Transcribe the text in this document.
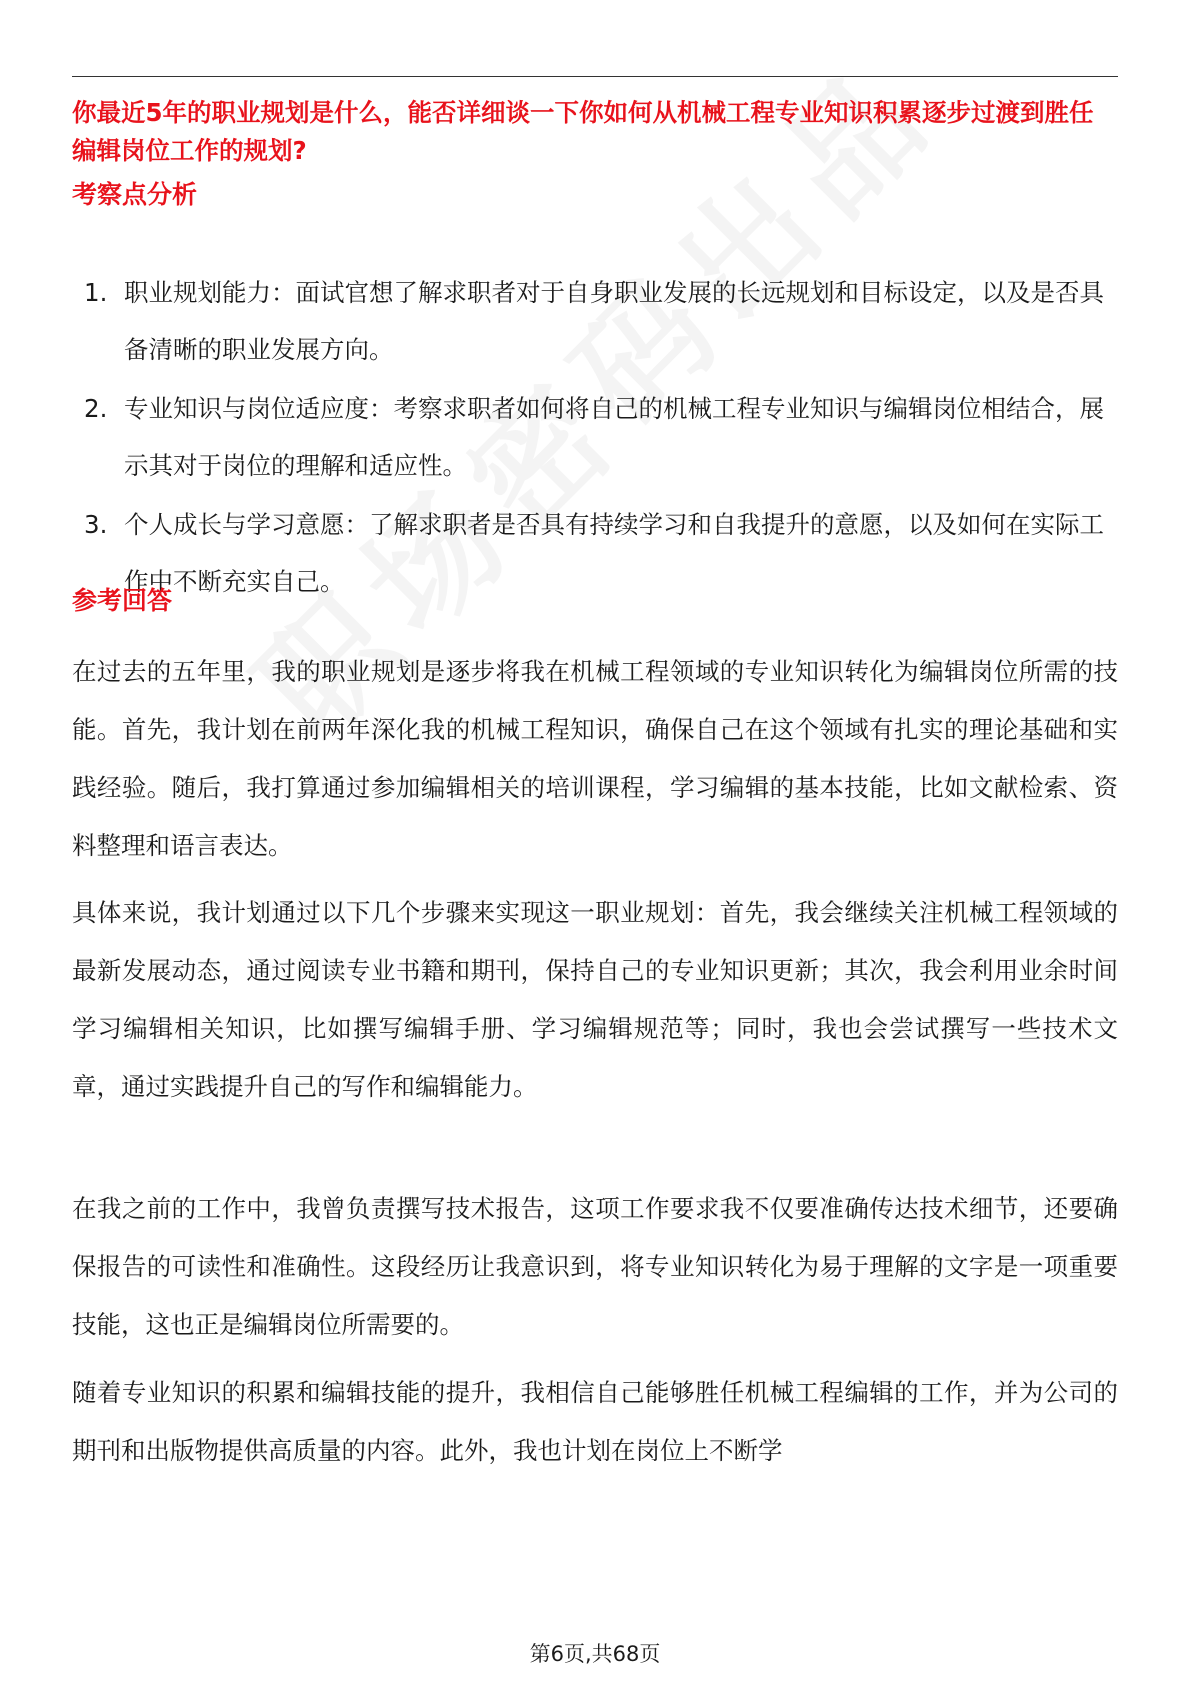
你最近5年的职业规划是什么，能否详细谈一下你如何从机械工程专业知识积累逐步过渡到胜任编辑岗位工作的规划?
考察点分析
1. 职业规划能力：面试官想了解求职者对于自身职业发展的长远规划和目标设定，以及是否具备清晰的职业发展方向。
2. 专业知识与岗位适应度：考察求职者如何将自己的机械工程专业知识与编辑岗位相结合，展示其对于岗位的理解和适应性。
3. 个人成长与学习意愿：了解求职者是否具有持续学习和自我提升的意愿，以及如何在实际工作中不断充实自己。
参考回答

在过去的五年里，我的职业规划是逐步将我在机械工程领域的专业知识转化为编辑岗位所需的技能。首先，我计划在前两年深化我的机械工程知识，确保自己在这个领域有扎实的理论基础和实践经验。随后，我打算通过参加编辑相关的培训课程，学习编辑的基本技能，比如文献检索、资料整理和语言表达。

具体来说，我计划通过以下几个步骤来实现这一职业规划：首先，我会继续关注机械工程领域的最新发展动态，通过阅读专业书籍和期刊，保持自己的专业知识更新；其次，我会利用业余时间学习编辑相关知识，比如撰写编辑手册、学习编辑规范等；同时，我也会尝试撰写一些技术文章，通过实践提升自己的写作和编辑能力。

在我之前的工作中，我曾负责撰写技术报告，这项工作要求我不仅要准确传达技术细节，还要确保报告的可读性和准确性。这段经历让我意识到，将专业知识转化为易于理解的文字是一项重要技能，这也正是编辑岗位所需要的。

随着专业知识的积累和编辑技能的提升，我相信自己能够胜任机械工程编辑的工作，并为公司的期刊和出版物提供高质量的内容。此外，我也计划在岗位上不断学

第6页,共68页
